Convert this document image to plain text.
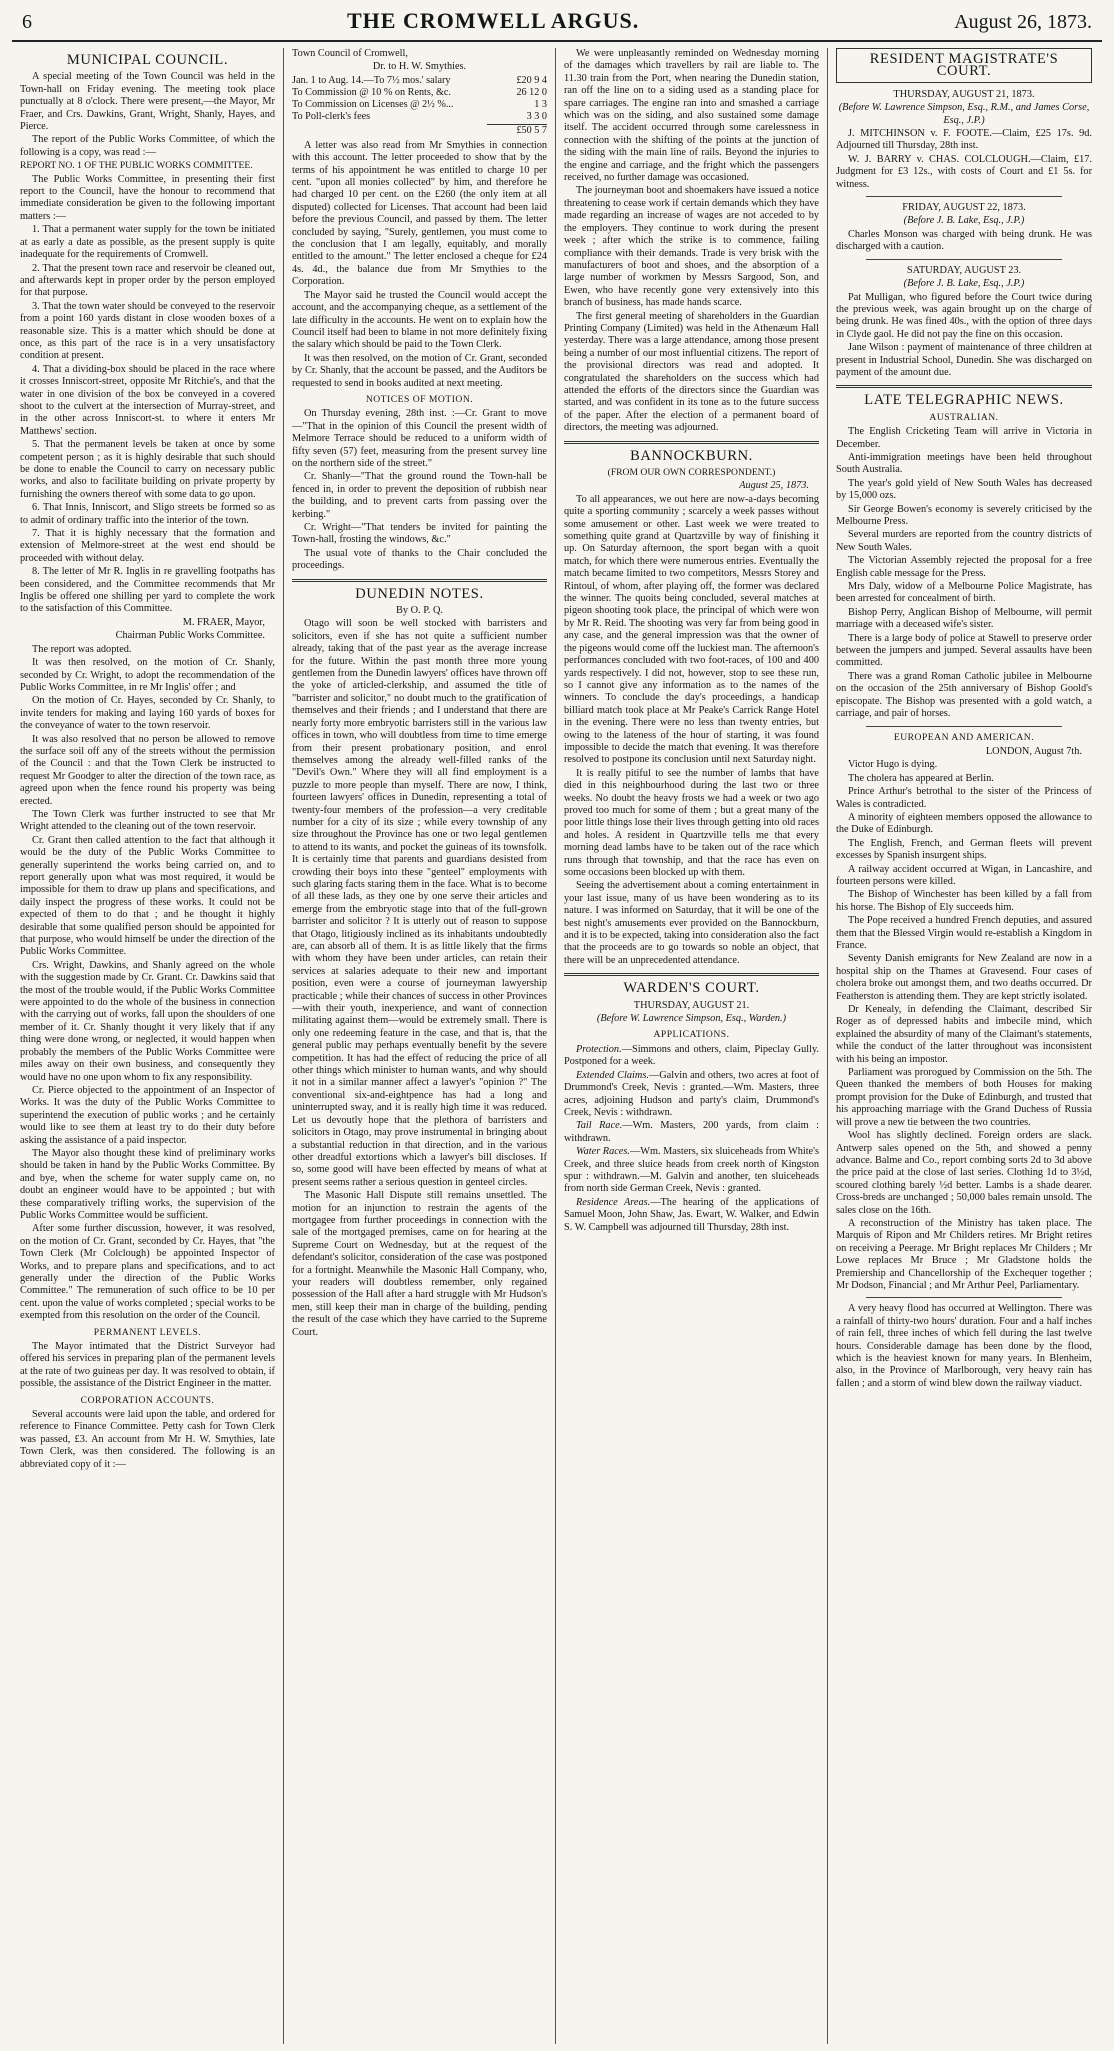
6	THE CROMWELL ARGUS.	August 26, 1873.
MUNICIPAL COUNCIL.

A special meeting of the Town Council was held in the Town-hall on Friday evening. The meeting took place punctually at 8 o'clock. There were present,—the Mayor, Mr Fraer, and Crs. Dawkins, Grant, Wright, Shanly, Hayes, and Pierce.

The report of the Public Works Committee, of which the following is a copy, was read :—

REPORT NO. 1 OF THE PUBLIC WORKS COMMITTEE.

The Public Works Committee, in presenting their first report to the Council, have the honour to recommend that immediate consideration be given to the following important matters :—

1. That a permanent water supply for the town be initiated at as early a date as possible, as the present supply is quite inadequate for the requirements of Cromwell.

2. That the present town race and reservoir be cleaned out, and afterwards kept in proper order by the person employed for that purpose.

3. That the town water should be conveyed to the reservoir from a point 160 yards distant in close wooden boxes of a reasonable size. This is a matter which should be done at once, as this part of the race is in a very unsatisfactory condition at present.

4. That a dividing-box should be placed in the race where it crosses Inniscort-street, opposite Mr Ritchie's, and that the water in one division of the box be conveyed in a covered shoot to the culvert at the intersection of Murray-street, and in the other across Inniscort-st. to where it enters Mr Matthews' section.

5. That the permanent levels be taken at once by some competent person ; as it is highly desirable that such should be done to enable the Council to carry on necessary public works, and also to facilitate building on private property by furnishing the owners thereof with some data to go upon.

6. That Innis, Inniscort, and Sligo streets be formed so as to admit of ordinary traffic into the interior of the town.

7. That it is highly necessary that the formation and extension of Melmore-street at the west end should be proceeded with without delay.

8. The letter of Mr R. Inglis in re gravelling footpaths has been considered, and the Committee recommends that Mr Inglis be offered one shilling per yard to complete the work to the satisfaction of this Committee.

M. FRAER, Mayor,

Chairman Public Works Committee.

The report was adopted.

It was then resolved, on the motion of Cr. Shanly, seconded by Cr. Wright, to adopt the recommendation of the Public Works Committee, in re Mr Inglis' offer ; and

On the motion of Cr. Hayes, seconded by Cr. Shanly, to invite tenders for making and laying 160 yards of boxes for the conveyance of water to the town reservoir.

It was also resolved that no person be allowed to remove the surface soil off any of the streets without the permission of the Council : and that the Town Clerk be instructed to request Mr Goodger to alter the direction of the town race, as agreed upon when the fence round his property was being erected.

The Town Clerk was further instructed to see that Mr Wright attended to the cleaning out of the town reservoir.

Cr. Grant then called attention to the fact that although it would be the duty of the Public Works Committee to generally superintend the works being carried on, and to report generally upon what was most required, it would be impossible for them to draw up plans and specifications, and daily inspect the progress of these works. It could not be expected of them to do that ; and he thought it highly desirable that some qualified person should be appointed for that purpose, who would himself be under the direction of the Public Works Committee.

Crs. Wright, Dawkins, and Shanly agreed on the whole with the suggestion made by Cr. Grant. Cr. Dawkins said that the most of the trouble would, if the Public Works Committee were appointed to do the whole of the business in connection with the carrying out of works, fall upon the shoulders of one member of it. Cr. Shanly thought it very likely that if any thing were done wrong, or neglected, it would happen when probably the members of the Public Works Committee were miles away on their own business, and consequently they would have no one upon whom to fix any responsibility.

Cr. Pierce objected to the appointment of an Inspector of Works. It was the duty of the Public Works Committee to superintend the execution of public works ; and he certainly would like to see them at least try to do their duty before asking the assistance of a paid inspector.

The Mayor also thought these kind of preliminary works should be taken in hand by the Public Works Committee. By and bye, when the scheme for water supply came on, no doubt an engineer would have to be appointed ; but with these comparatively trifling works, the supervision of the Public Works Committee would be sufficient.

After some further discussion, however, it was resolved, on the motion of Cr. Grant, seconded by Cr. Hayes, that "the Town Clerk (Mr Colclough) be appointed Inspector of Works, and to prepare plans and specifications, and to act generally under the direction of the Public Works Committee." The remuneration of such office to be 10 per cent. upon the value of works completed ; special works to be exempted from this resolution on the order of the Council.

PERMANENT LEVELS.

The Mayor intimated that the District Surveyor had offered his services in preparing plan of the permanent levels at the rate of two guineas per day. It was resolved to obtain, if possible, the assistance of the District Engineer in the matter.

CORPORATION ACCOUNTS.

Several accounts were laid upon the table, and ordered for reference to Finance Committee. Petty cash for Town Clerk was passed, £3. An account from Mr H. W. Smythies, late Town Clerk, was then considered. The following is an abbreviated copy of it :—

Town Council of Cromwell,

Dr. to H. W. Smythies.

Jan. 1 to Aug. 14.—To 7½ mos.' salary	£20 9 4
To Commission @ 10 % on Rents, &c.	26 12 0
To Commission on Licenses @ 2½ %...	1 3
To Poll-clerk's fees	3 3 0
	£50 5 7

A letter was also read from Mr Smythies in connection with this account. The letter proceeded to show that by the terms of his appointment he was entitled to charge 10 per cent. "upon all monies collected" by him, and therefore he had charged 10 per cent. on the £260 (the only item at all disputed) collected for Licenses. That account had been laid before the previous Council, and passed by them. The letter concluded by saying, "Surely, gentlemen, you must come to the conclusion that I am legally, equitably, and morally entitled to the amount." The letter enclosed a cheque for £24 4s. 4d., the balance due from Mr Smythies to the Corporation.

The Mayor said he trusted the Council would accept the account, and the accompanying cheque, as a settlement of the late difficulty in the accounts. He went on to explain how the Council itself had been to blame in not more definitely fixing the salary which should be paid to the Town Clerk.

It was then resolved, on the motion of Cr. Grant, seconded by Cr. Shanly, that the account be passed, and the Auditors be requested to send in books audited at next meeting.

NOTICES OF MOTION.

On Thursday evening, 28th inst. :—Cr. Grant to move—"That in the opinion of this Council the present width of Melmore Terrace should be reduced to a uniform width of fifty seven (57) feet, measuring from the present survey line on the northern side of the street."

Cr. Shanly—"That the ground round the Town-hall be fenced in, in order to prevent the deposition of rubbish near the building, and to prevent carts from passing over the kerbing."

Cr. Wright—"That tenders be invited for painting the Town-hall, frosting the windows, &c."

The usual vote of thanks to the Chair concluded the proceedings.

DUNEDIN NOTES.

By O. P. Q.

Otago will soon be well stocked with barristers and solicitors, even if she has not quite a sufficient number already, taking that of the past year as the average increase for the future. Within the past month three more young gentlemen from the Dunedin lawyers' offices have thrown off the yoke of articled-clerkship, and assumed the title of "barrister and solicitor," no doubt much to the gratification of themselves and their friends ; and I understand that there are nearly forty more embryotic barristers still in the various law offices in town, who will doubtless from time to time emerge from their present probationary position, and enrol themselves among the already well-filled ranks of the "Devil's Own." Where they will all find employment is a puzzle to more people than myself. There are now, I think, fourteen lawyers' offices in Dunedin, representing a total of twenty-four members of the profession—a very creditable number for a city of its size ; while every township of any size throughout the Province has one or two legal gentlemen to attend to its wants, and pocket the guineas of its townsfolk. It is certainly time that parents and guardians desisted from crowding their boys into these "genteel" employments with such glaring facts staring them in the face. What is to become of all these lads, as they one by one serve their articles and emerge from the embryotic stage into that of the full-grown barrister and solicitor ? It is utterly out of reason to suppose that Otago, litigiously inclined as its inhabitants undoubtedly are, can absorb all of them. It is as little likely that the firms with whom they have been under articles, can retain their services at salaries adequate to their new and important position, even were a course of journeyman lawyership practicable ; while their chances of success in other Provinces—with their youth, inexperience, and want of connection militating against them—would be extremely small. There is only one redeeming feature in the case, and that is, that the general public may perhaps eventually benefit by the severe competition. It has had the effect of reducing the price of all other things which minister to human wants, and why should it not in a similar manner affect a lawyer's "opinion ?" The conventional six-and-eightpence has had a long and uninterrupted sway, and it is really high time it was reduced. Let us devoutly hope that the plethora of barristers and solicitors in Otago, may prove instrumental in bringing about a substantial reduction in that direction, and in the various other dreadful extortions which a lawyer's bill discloses. If so, some good will have been effected by means of what at present seems rather a serious question in genteel circles.

The Masonic Hall Dispute still remains unsettled. The motion for an injunction to restrain the agents of the mortgagee from further proceedings in connection with the sale of the mortgaged premises, came on for hearing at the Supreme Court on Wednesday, but at the request of the defendant's solicitor, consideration of the case was postponed for a fortnight. Meanwhile the Masonic Hall Company, who, your readers will doubtless remember, only regained possession of the Hall after a hard struggle with Mr Hudson's men, still keep their man in charge of the building, pending the result of the case which they have carried to the Supreme Court.

We were unpleasantly reminded on Wednesday morning of the damages which travellers by rail are liable to. The 11.30 train from the Port, when nearing the Dunedin station, ran off the line on to a siding used as a standing place for spare carriages. The engine ran into and smashed a carriage which was on the siding, and also sustained some damage itself. The accident occurred through some carelessness in connection with the shifting of the points at the junction of the siding with the main line of rails. Beyond the injuries to the engine and carriage, and the fright which the passengers received, no further damage was occasioned.

The journeyman boot and shoemakers have issued a notice threatening to cease work if certain demands which they have made regarding an increase of wages are not acceded to by the employers. They continue to work during the present week ; after which the strike is to commence, failing compliance with their demands. Trade is very brisk with the manufacturers of boot and shoes, and the absorption of a large number of workmen by Messrs Sargood, Son, and Ewen, who have recently gone very extensively into this branch of business, has made hands scarce.

The first general meeting of shareholders in the Guardian Printing Company (Limited) was held in the Athenæum Hall yesterday. There was a large attendance, among those present being a number of our most influential citizens. The report of the provisional directors was read and adopted. It congratulated the shareholders on the success which had attended the efforts of the directors since the Guardian was started, and was confident in its tone as to the future success of the paper. After the election of a permanent board of directors, the meeting was adjourned.

BANNOCKBURN.

(FROM OUR OWN CORRESPONDENT.)

August 25, 1873.

To all appearances, we out here are now-a-days becoming quite a sporting community ; scarcely a week passes without some amusement or other. Last week we were treated to something quite grand at Quartzville by way of finishing it up. On Saturday afternoon, the sport began with a quoit match, for which there were numerous entries. Eventually the match became limited to two competitors, Messrs Storey and Rintoul, of whom, after playing off, the former was declared the winner. The quoits being concluded, several matches at pigeon shooting took place, the principal of which were won by Mr R. Reid. The shooting was very far from being good in any case, and the general impression was that the owner of the pigeons would come off the luckiest man. The afternoon's performances concluded with two foot-races, of 100 and 400 yards respectively. I did not, however, stop to see these run, so I cannot give any information as to the names of the winners. To conclude the day's proceedings, a handicap billiard match took place at Mr Peake's Carrick Range Hotel in the evening. There were no less than twenty entries, but owing to the lateness of the hour of starting, it was found impossible to decide the match that evening. It was therefore resolved to postpone its conclusion until next Saturday night.

It is really pitiful to see the number of lambs that have died in this neighbourhood during the last two or three weeks. No doubt the heavy frosts we had a week or two ago proved too much for some of them ; but a great many of the poor little things lose their lives through getting into old races and holes. A resident in Quartzville tells me that every morning dead lambs have to be taken out of the race which runs through that township, and that the race has even on some occasions been blocked up with them.

Seeing the advertisement about a coming entertainment in your last issue, many of us have been wondering as to its nature. I was informed on Saturday, that it will be one of the best night's amusements ever provided on the Bannockburn, and it is to be expected, taking into consideration also the fact that the proceeds are to go towards so noble an object, that there will be an unprecedented attendance.

WARDEN'S COURT.

THURSDAY, AUGUST 21.

(Before W. Lawrence Simpson, Esq., Warden.)

APPLICATIONS.

Protection.—Simmons and others, claim, Pipeclay Gully. Postponed for a week.

Extended Claims.—Galvin and others, two acres at foot of Drummond's Creek, Nevis : granted.—Wm. Masters, three acres, adjoining Hudson and party's claim, Drummond's Creek, Nevis : withdrawn.

Tail Race.—Wm. Masters, 200 yards, from claim : withdrawn.

Water Races.—Wm. Masters, six sluiceheads from White's Creek, and three sluice heads from creek north of Kingston spur : withdrawn.—M. Galvin and another, ten sluiceheads from north side German Creek, Nevis : granted.

Residence Areas.—The hearing of the applications of Samuel Moon, John Shaw, Jas. Ewart, W. Walker, and Edwin S. W. Campbell was adjourned till Thursday, 28th inst.

RESIDENT MAGISTRATE'S COURT.

THURSDAY, AUGUST 21, 1873.

(Before W. Lawrence Simpson, Esq., R.M., and James Corse, Esq., J.P.)

J. MITCHINSON v. F. FOOTE.—Claim, £25 17s. 9d. Adjourned till Thursday, 28th inst.

W. J. BARRY v. CHAS. COLCLOUGH.—Claim, £17. Judgment for £3 12s., with costs of Court and £1 5s. for witness.

FRIDAY, AUGUST 22, 1873.

(Before J. B. Lake, Esq., J.P.)

Charles Monson was charged with being drunk. He was discharged with a caution.

SATURDAY, AUGUST 23.

(Before J. B. Lake, Esq., J.P.)

Pat Mulligan, who figured before the Court twice during the previous week, was again brought up on the charge of being drunk. He was fined 40s., with the option of three days in Clyde gaol. He did not pay the fine on this occasion.

Jane Wilson : payment of maintenance of three children at present in Industrial School, Dunedin. She was discharged on payment of the amount due.

LATE TELEGRAPHIC NEWS.
AUSTRALIAN.

The English Cricketing Team will arrive in Victoria in December.

Anti-immigration meetings have been held throughout South Australia.

The year's gold yield of New South Wales has decreased by 15,000 ozs.

Sir George Bowen's economy is severely criticised by the Melbourne Press.

Several murders are reported from the country districts of New South Wales.

The Victorian Assembly rejected the proposal for a free English cable message for the Press.

Mrs Daly, widow of a Melbourne Police Magistrate, has been arrested for concealment of birth.

Bishop Perry, Anglican Bishop of Melbourne, will permit marriage with a deceased wife's sister.

There is a large body of police at Stawell to preserve order between the jumpers and jumped. Several assaults have been committed.

There was a grand Roman Catholic jubilee in Melbourne on the occasion of the 25th anniversary of Bishop Goold's episcopate. The Bishop was presented with a gold watch, a carriage, and pair of horses.

EUROPEAN AND AMERICAN.

LONDON, August 7th.

Victor Hugo is dying.

The cholera has appeared at Berlin.

Prince Arthur's betrothal to the sister of the Princess of Wales is contradicted.

A minority of eighteen members opposed the allowance to the Duke of Edinburgh.

The English, French, and German fleets will prevent excesses by Spanish insurgent ships.

A railway accident occurred at Wigan, in Lancashire, and fourteen persons were killed.

The Bishop of Winchester has been killed by a fall from his horse. The Bishop of Ely succeeds him.

The Pope received a hundred French deputies, and assured them that the Blessed Virgin would re-establish a Kingdom in France.

Seventy Danish emigrants for New Zealand are now in a hospital ship on the Thames at Gravesend. Four cases of cholera broke out amongst them, and two deaths occurred. Dr Featherston is attending them. They are kept strictly isolated.

Dr Kenealy, in defending the Claimant, described Sir Roger as of depressed habits and imbecile mind, which explained the absurdity of many of the Claimant's statements, while the conduct of the latter throughout was inconsistent with his being an impostor.

Parliament was prorogued by Commission on the 5th. The Queen thanked the members of both Houses for making prompt provision for the Duke of Edinburgh, and trusted that his approaching marriage with the Grand Duchess of Russia will prove a new tie between the two countries.

Wool has slightly declined. Foreign orders are slack. Antwerp sales opened on the 5th, and showed a penny advance. Balme and Co., report combing sorts 2d to 3d above the price paid at the close of last series. Clothing 1d to 3½d, scoured clothing barely ½d better. Lambs is a shade dearer. Cross-breds are unchanged ; 50,000 bales remain unsold. The sales close on the 16th.

A reconstruction of the Ministry has taken place. The Marquis of Ripon and Mr Childers retires. Mr Bright retires on receiving a Peerage. Mr Bright replaces Mr Childers ; Mr Lowe replaces Mr Bruce ; Mr Gladstone holds the Premiership and Chancellorship of the Exchequer together ; Mr Dodson, Financial ; and Mr Arthur Peel, Parliamentary.

A very heavy flood has occurred at Wellington. There was a rainfall of thirty-two hours' duration. Four and a half inches of rain fell, three inches of which fell during the last twelve hours. Considerable damage has been done by the flood, which is the heaviest known for many years. In Blenheim, also, in the Province of Marlborough, very heavy rain has fallen ; and a storm of wind blew down the railway viaduct.
